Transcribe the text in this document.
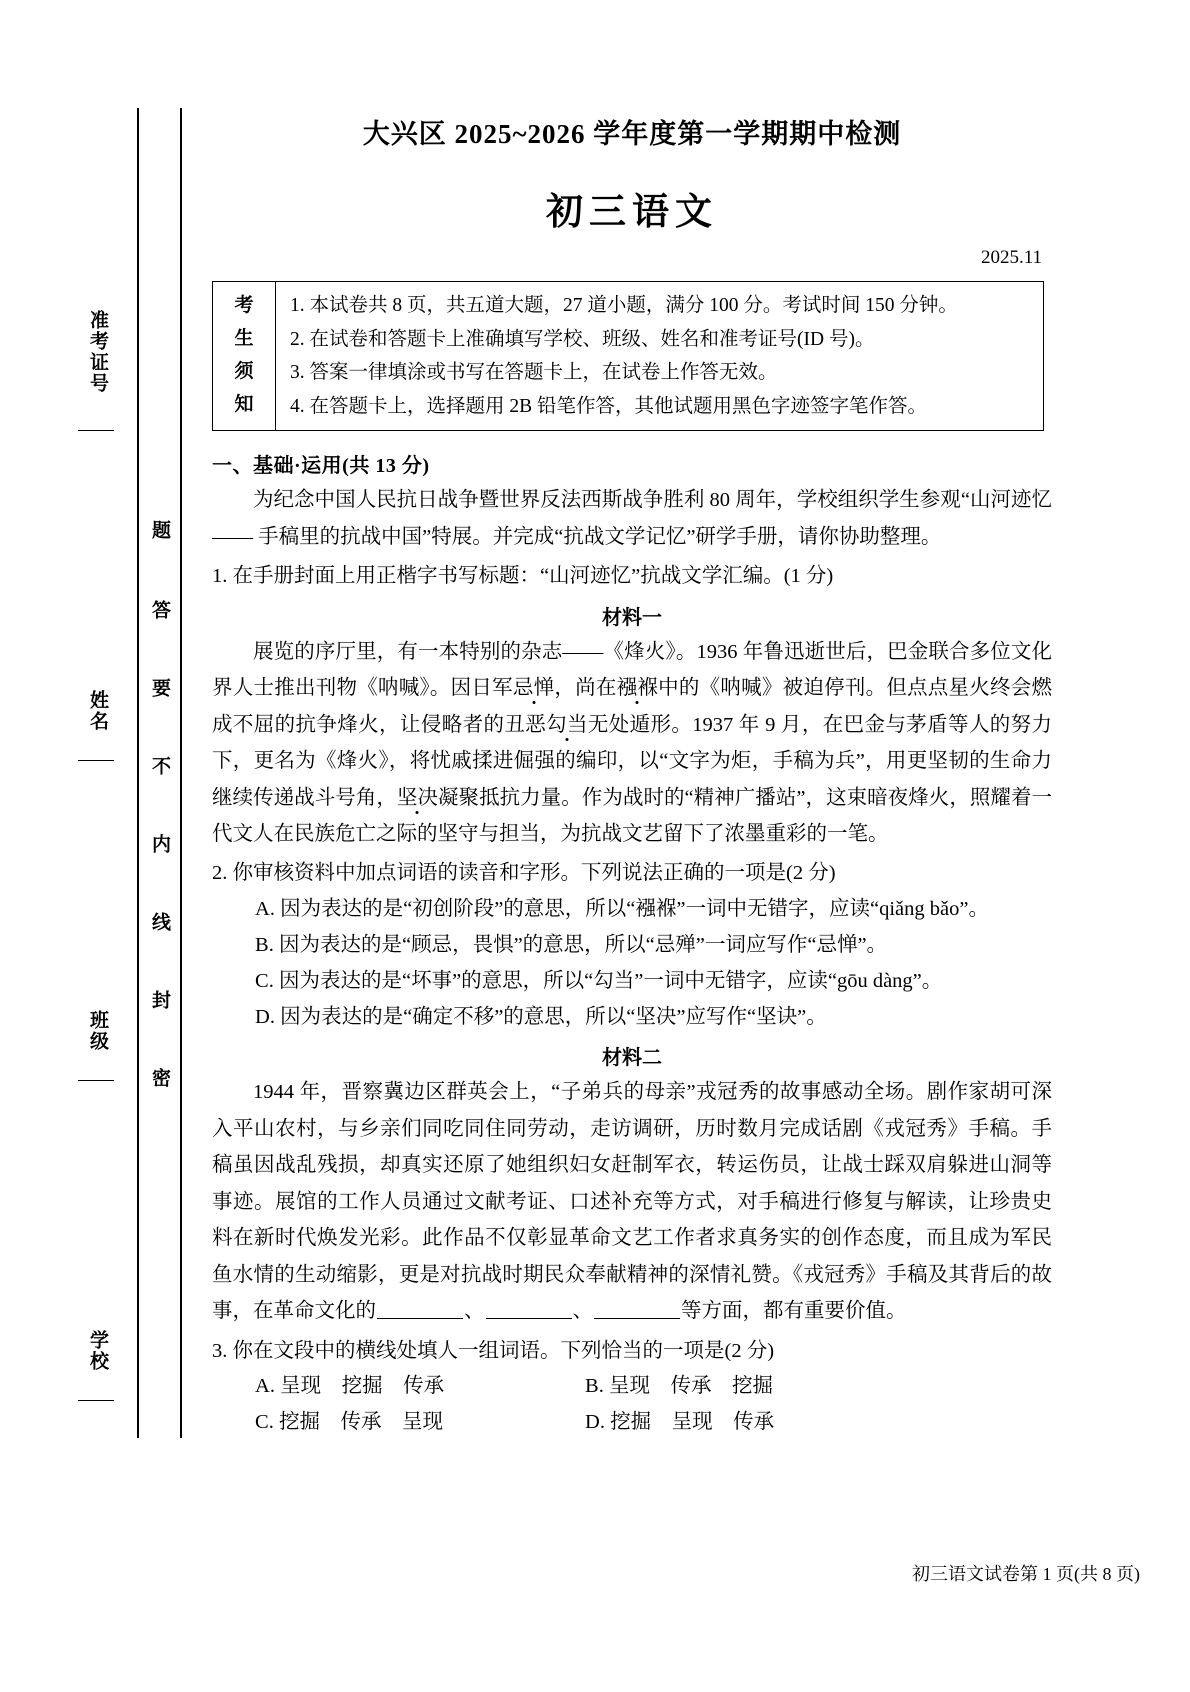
准考证号
姓名
班级
学校
题
答
要
不
内
线
封
密
大兴区 2025~2026 学年度第一学期期中检测
初三语文
2025.11
考
生
须
知

1. 本试卷共 8 页，共五道大题，27 道小题，满分 100 分。考试时间 150 分钟。

2. 在试卷和答题卡上准确填写学校、班级、姓名和准考证号(ID 号)。

3. 答案一律填涂或书写在答题卡上，在试卷上作答无效。

4. 在答题卡上，选择题用 2B 铅笔作答，其他试题用黑色字迹签字笔作答。

一、基础·运用(共 13 分)
为纪念中国人民抗日战争暨世界反法西斯战争胜利 80 周年，学校组织学生参观“山河迹忆 —— 手稿里的抗战中国”特展。并完成“抗战文学记忆”研学手册，请你协助整理。
1. 在手册封面上用正楷字书写标题：“山河迹忆”抗战文学汇编。(1 分)
材料一
展览的序厅里，有一本特别的杂志——《烽火》。1936 年鲁迅逝世后，巴金联合多位文化界人士推出刊物《呐喊》。因日军忌惮，尚在襁褓中的《呐喊》被迫停刊。但点点星火终会燃成不屈的抗争烽火，让侵略者的丑恶勾当无处遁形。1937 年 9 月，在巴金与茅盾等人的努力下，更名为《烽火》，将忧戚揉进倔强的编印，以“文字为炬，手稿为兵”，用更坚韧的生命力继续传递战斗号角，坚决凝聚抵抗力量。作为战时的“精神广播站”，这束暗夜烽火，照耀着一代文人在民族危亡之际的坚守与担当，为抗战文艺留下了浓墨重彩的一笔。
2. 你审核资料中加点词语的读音和字形。下列说法正确的一项是(2 分)
A. 因为表达的是“初创阶段”的意思，所以“襁褓”一词中无错字，应读“qiǎng bǎo”。
B. 因为表达的是“顾忌，畏惧”的意思，所以“忌殚”一词应写作“忌惮”。
C. 因为表达的是“坏事”的意思，所以“勾当”一词中无错字，应读“gōu dàng”。
D. 因为表达的是“确定不移”的意思，所以“坚决”应写作“坚诀”。
材料二
1944 年，晋察冀边区群英会上，“子弟兵的母亲”戎冠秀的故事感动全场。剧作家胡可深入平山农村，与乡亲们同吃同住同劳动，走访调研，历时数月完成话剧《戎冠秀》手稿。手稿虽因战乱残损，却真实还原了她组织妇女赶制军衣，转运伤员，让战士踩双肩躲进山洞等事迹。展馆的工作人员通过文献考证、口述补充等方式，对手稿进行修复与解读，让珍贵史料在新时代焕发光彩。此作品不仅彰显革命文艺工作者求真务实的创作态度，而且成为军民鱼水情的生动缩影，更是对抗战时期民众奉献精神的深情礼赞。《戎冠秀》手稿及其背后的故事，在革命文化的	、	、	等方面，都有重要价值。
3. 你在文段中的横线处填人一组词语。下列恰当的一项是(2 分)
A. 呈现　挖掘　传承	B. 呈现　传承　挖掘
C. 挖掘　传承　呈现	D. 挖掘　呈现　传承
初三语文试卷第 1 页(共 8 页)
